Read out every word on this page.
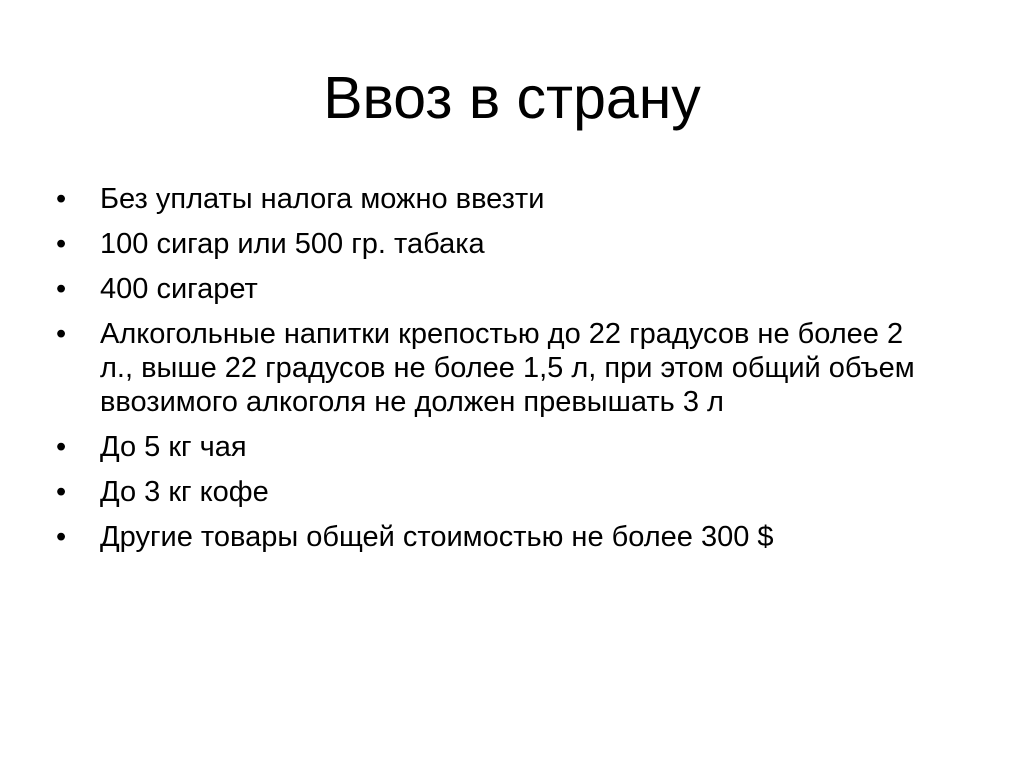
Ввоз в страну
•	Без уплаты налога можно ввезти
•	100 сигар или 500 гр. табака
•	400 сигарет
•	Алкогольные напитки крепостью до 22 градусов не более 2 л., выше 22 градусов не более 1,5 л, при этом общий объем ввозимого алкоголя не должен превышать 3 л
•	До 5 кг чая
•	До 3 кг кофе
•	Другие товары общей стоимостью не более 300 $
